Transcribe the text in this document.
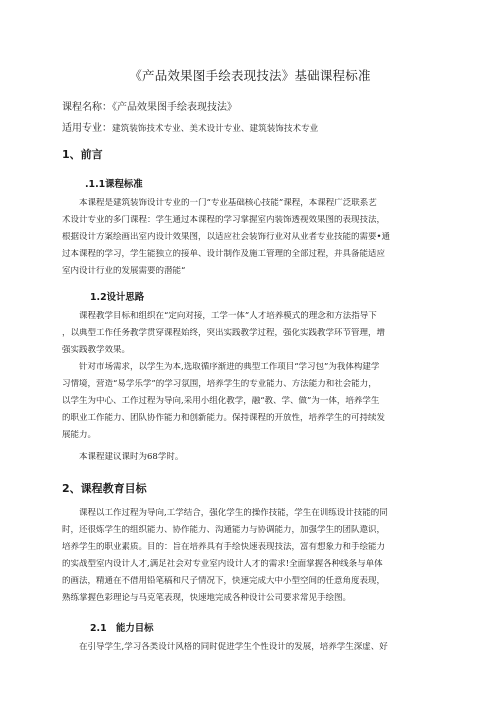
《产品效果图手绘表现技法》基础课程标准
课程名称：《产品效果图手绘表现技法》
适用专业：建筑装饰技术专业、美术设计专业、建筑装饰技术专业
1、前言
.1.1课程标准
本课程是建筑装饰设计专业的一门“专业基础核心技能”课程，本课程广泛联系艺
术设计专业的多门课程：学生通过本课程的学习掌握室内装饰透视效果图的表现技法，
根据设计方案绘画出室内设计效果图，以适应社会装饰行业对从业者专业技能的需要•通
过本课程的学习，学生能独立的接单、设计制作及施工管理的全部过程，并具备能适应
室内设计行业的发展需要的潜能“
1.2设计思路
课程教学目标和组织在“定向对接，工学一体”人才培养模式的理念和方法指导下
，以典型工作任务教学贯穿课程始终，突出实践教学过程，强化实践教学环节管理，增
强实践教学效果。
针对市场需求，以学生为本,选取循序渐进的典型工作项目“学习包”为我体构建学
习情境，营造“易学乐学”的学习氛围，培养学生的专业能力、方法能力和社会能力，
以学生为中心、工作过程为导向,采用小组化教学，融“教、学、做”为一体，培养学生
的职业工作能力、团队协作能力和创新能力。保持课程的开放性，培养学生的可持续发
展能力。
本课程建议课时为68学时。
2、课程教育目标
课程以工作过程为导向,工学结合，强化学生的操作技能，学生在训练设计技能的同
时，还很炼学生的组织能力、协作能力、沟通能力与协调能力，加强学生的团队遨识，
培养学生的职业素质。目的：旨在培养具有手绘快速表现技法，富有想象力和手绘能力
的实战型室内设计人才,满足社会对专业室内设计人才的需求!全面掌握各种线条与单体
的画法，精通在不借用铅笔稿和尺子情况下，快速完成大中小型空间的任意角度表现，
熟练掌握色彩理论与马克笔表现，快速地完成各种设计公司要求常见手绘图。
2.1　能力目标
在引导学生,学习各类设计风格的同时促进学生个性设计的发展，培养学生深虚、好
